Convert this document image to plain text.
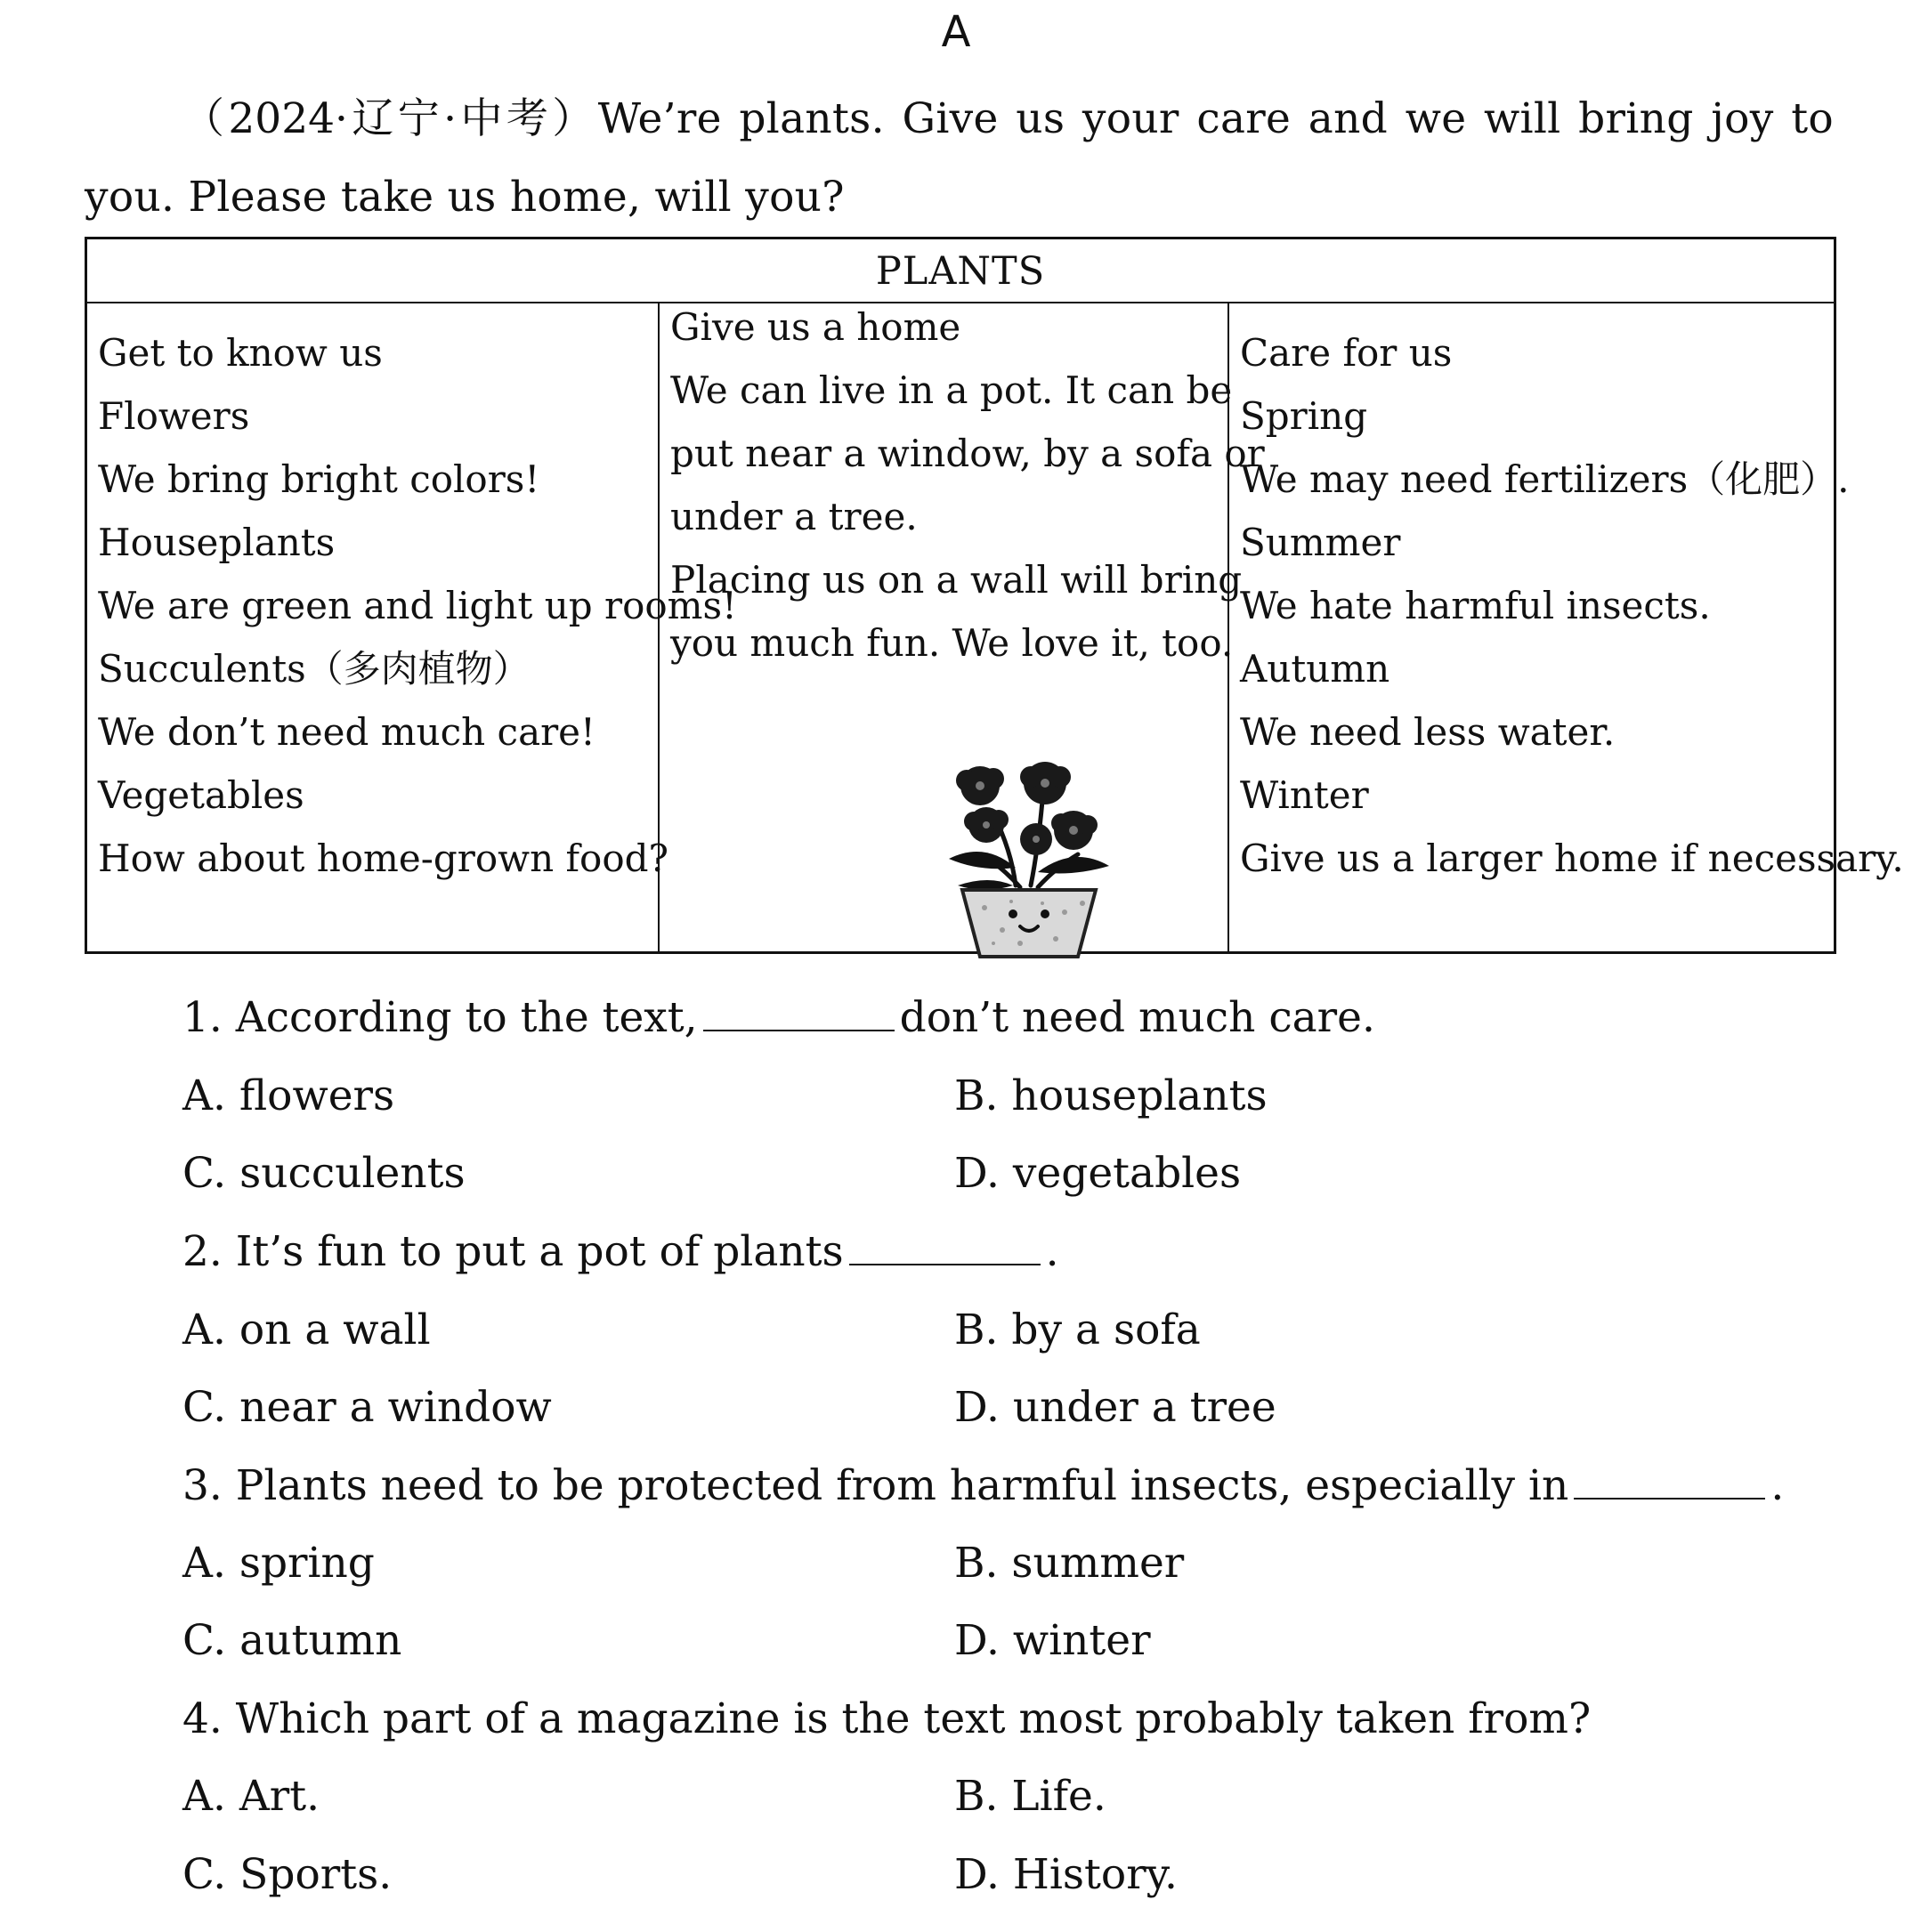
A
（2024·辽宁·中考）We’re plants. Give us your care and we will bring joy to you. Please take us home, will you?
PLANTS
Get to know us
Flowers
We bring bright colors!
Houseplants
We are green and light up rooms!
Succulents（多肉植物）
We don’t need much care!
Vegetables
How about home-grown food?
Give us a home
We can live in a pot. It can be
put near a window, by a sofa or
under a tree.
Placing us on a wall will bring
you much fun. We love it, too.
Care for us
Spring
We may need fertilizers（化肥）.
Summer
We hate harmful insects.
Autumn
We need less water.
Winter
Give us a larger home if necessary.
1. According to the text,	don’t need much care.
A. flowers	B. houseplants
C. succulents	D. vegetables
2. It’s fun to put a pot of plants	.
A. on a wall	B. by a sofa
C. near a window	D. under a tree
3. Plants need to be protected from harmful insects, especially in	.
A. spring	B. summer
C. autumn	D. winter
4. Which part of a magazine is the text most probably taken from?
A. Art.	B. Life.
C. Sports.	D. History.
